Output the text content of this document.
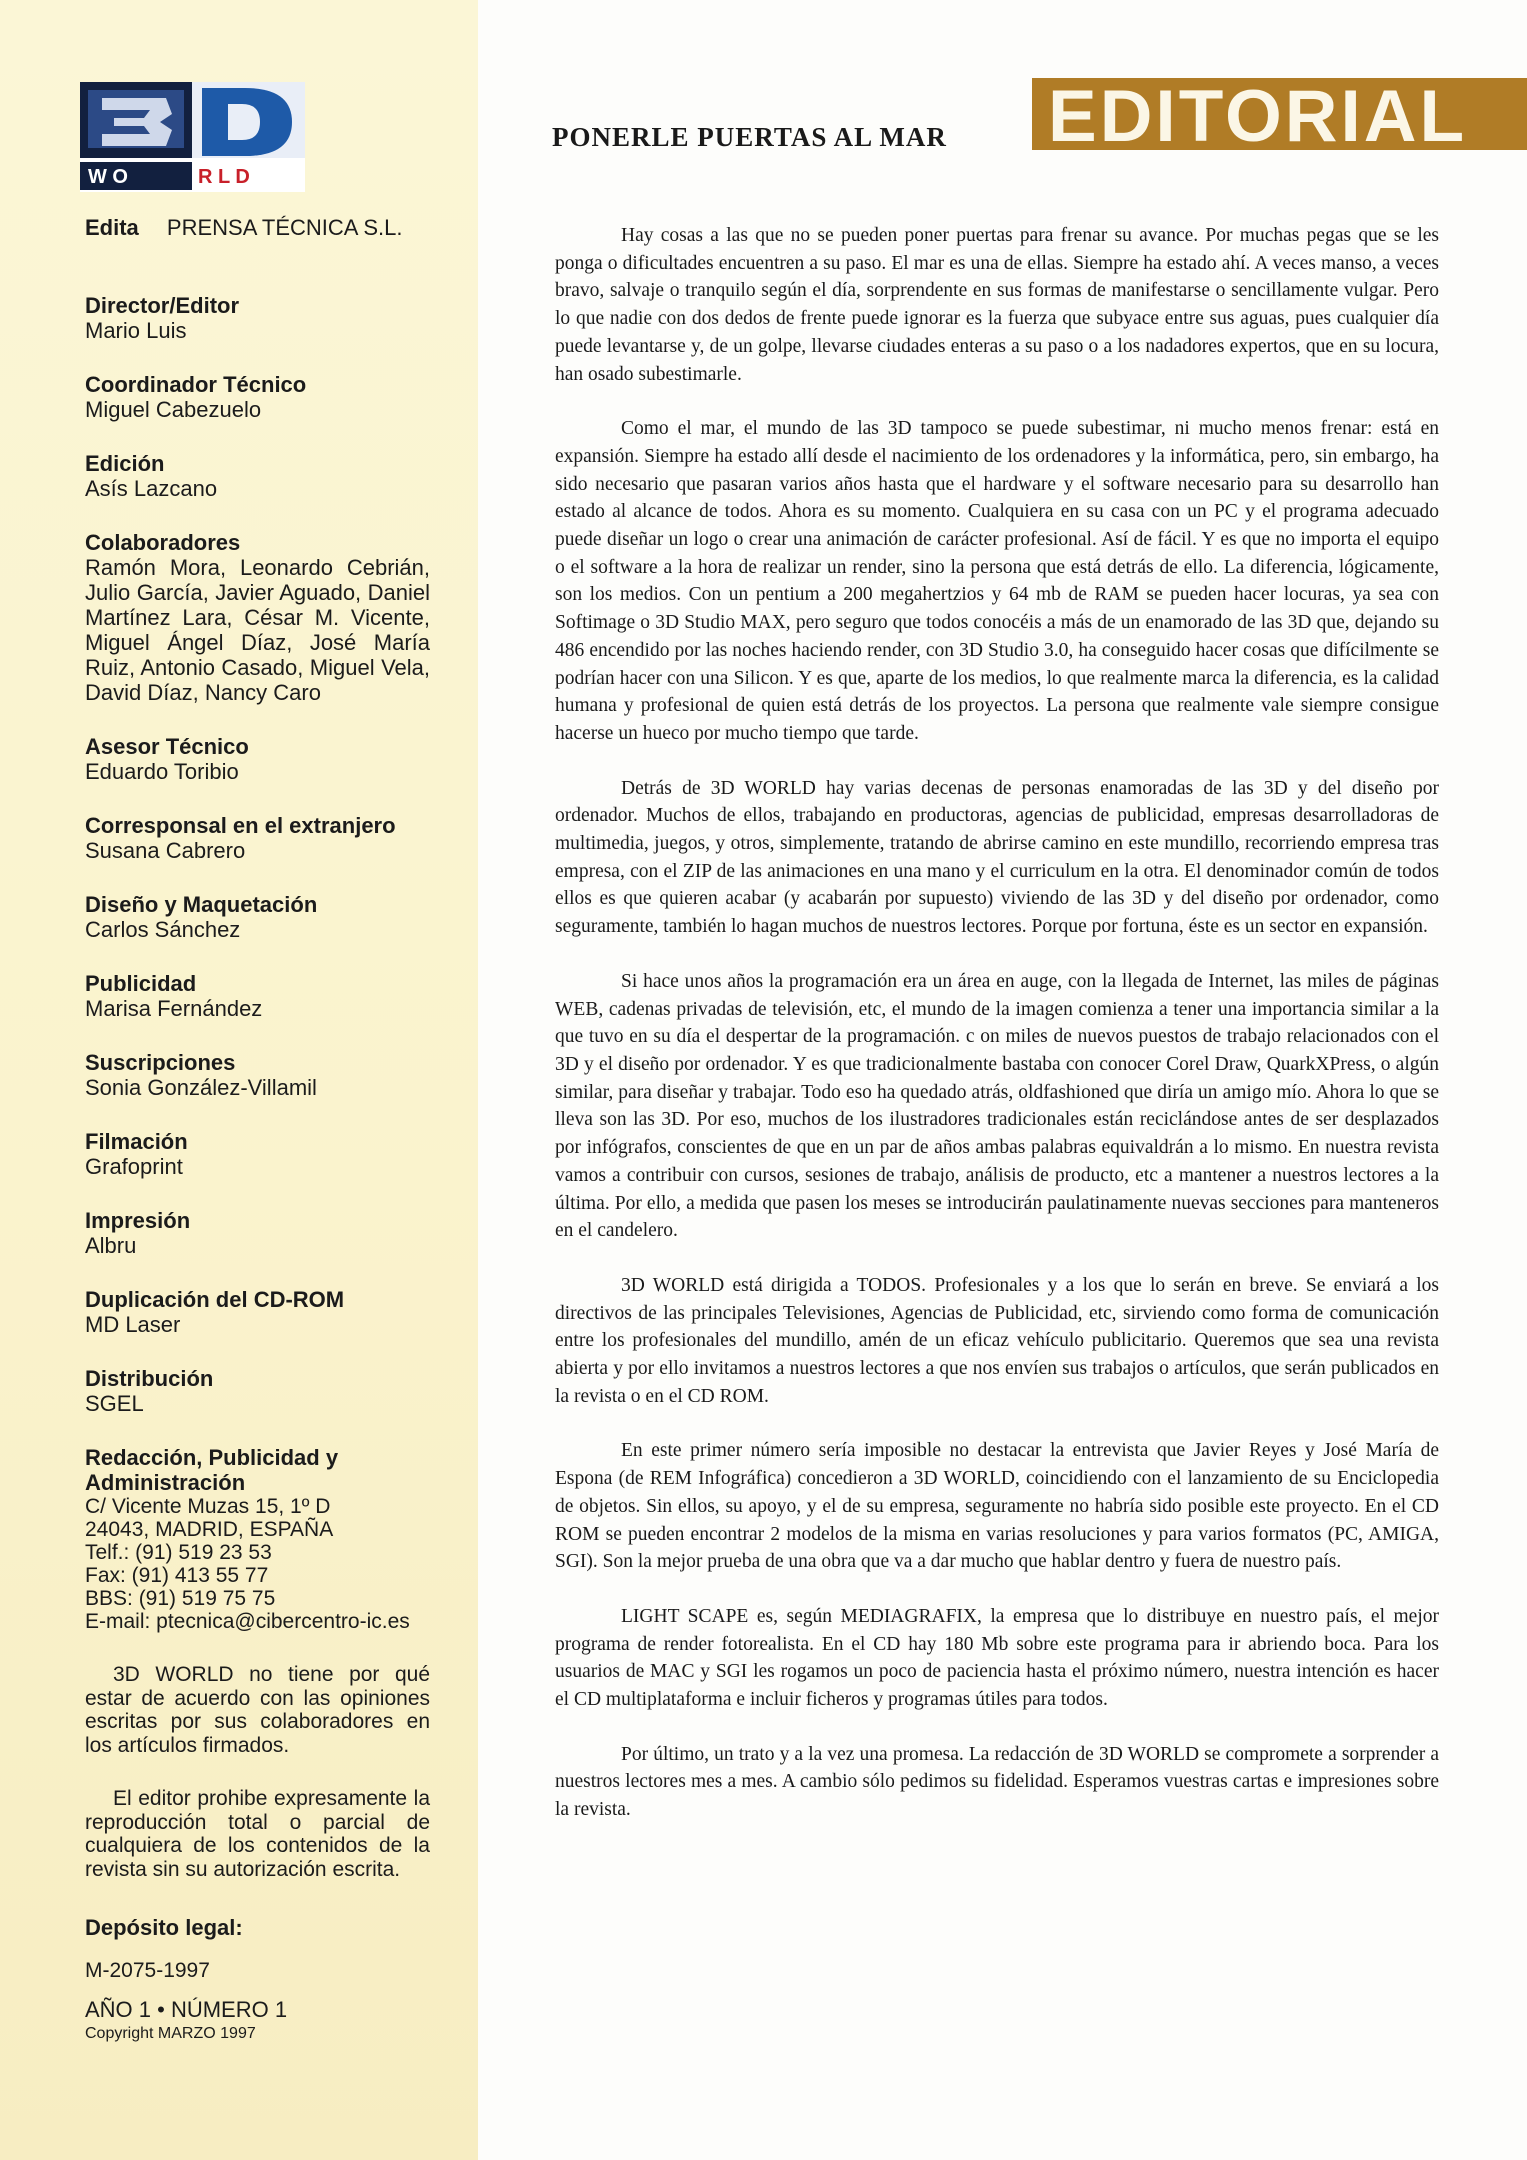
W O	R L D
Edita PRENSA TÉCNICA S.L.
Director/Editor
Mario Luis
Coordinador Técnico
Miguel Cabezuelo
Edición
Asís Lazcano
Colaboradores
Ramón Mora, Leonardo Cebrián, Julio García, Javier Aguado, Daniel Martínez Lara, César M. Vicente, Miguel Ángel Díaz, José María Ruiz, Antonio Casado, Miguel Vela, David Díaz, Nancy Caro
Asesor Técnico
Eduardo Toribio
Corresponsal en el extranjero
Susana Cabrero
Diseño y Maquetación
Carlos Sánchez
Publicidad
Marisa Fernández
Suscripciones
Sonia González-Villamil
Filmación
Grafoprint
Impresión
Albru
Duplicación del CD-ROM
MD Laser
Distribución
SGEL
Redacción, Publicidad y Administración
C/ Vicente Muzas 15, 1º D
24043, MADRID, ESPAÑA
Telf.: (91) 519 23 53
Fax: (91) 413 55 77
BBS: (91) 519 75 75
E-mail: ptecnica@cibercentro-ic.es
3D WORLD no tiene por qué estar de acuerdo con las opiniones escritas por sus colaboradores en los artículos firmados.
El editor prohibe expresamente la reproducción total o parcial de cualquiera de los contenidos de la revista sin su autorización escrita.
Depósito legal:
M-2075-1997
AÑO 1 • NÚMERO 1
Copyright MARZO 1997
PONERLE PUERTAS AL MAR EDITORIAL

Hay cosas a las que no se pueden poner puertas para frenar su avance. Por muchas pegas que se les ponga o dificultades encuentren a su paso. El mar es una de ellas. Siempre ha estado ahí. A veces manso, a veces bravo, salvaje o tranquilo según el día, sorprendente en sus formas de manifestarse o sencillamente vulgar. Pero lo que nadie con dos dedos de frente puede ignorar es la fuerza que subyace entre sus aguas, pues cualquier día puede levantarse y, de un golpe, llevarse ciudades enteras a su paso o a los nadadores expertos, que en su locura, han osado subestimarle.

Como el mar, el mundo de las 3D tampoco se puede subestimar, ni mucho menos frenar: está en expansión. Siempre ha estado allí desde el nacimiento de los ordenadores y la informática, pero, sin embargo, ha sido necesario que pasaran varios años hasta que el hardware y el software necesario para su desarrollo han estado al alcance de todos. Ahora es su momento. Cualquiera en su casa con un PC y el programa adecuado puede diseñar un logo o crear una animación de carácter profesional. Así de fácil. Y es que no importa el equipo o el software a la hora de realizar un render, sino la persona que está detrás de ello. La diferencia, lógicamente, son los medios. Con un pentium a 200 megahertzios y 64 mb de RAM se pueden hacer locuras, ya sea con Softimage o 3D Studio MAX, pero seguro que todos conocéis a más de un enamorado de las 3D que, dejando su 486 encendido por las noches haciendo render, con 3D Studio 3.0, ha conseguido hacer cosas que difícilmente se podrían hacer con una Silicon. Y es que, aparte de los medios, lo que realmente marca la diferencia, es la calidad humana y profesional de quien está detrás de los proyectos. La persona que realmente vale siempre consigue hacerse un hueco por mucho tiempo que tarde.

Detrás de 3D WORLD hay varias decenas de personas enamoradas de las 3D y del diseño por ordenador. Muchos de ellos, trabajando en productoras, agencias de publicidad, empresas desarrolladoras de multimedia, juegos, y otros, simplemente, tratando de abrirse camino en este mundillo, recorriendo empresa tras empresa, con el ZIP de las animaciones en una mano y el curriculum en la otra. El denominador común de todos ellos es que quieren acabar (y acabarán por supuesto) viviendo de las 3D y del diseño por ordenador, como seguramente, también lo hagan muchos de nuestros lectores. Porque por fortuna, éste es un sector en expansión.

Si hace unos años la programación era un área en auge, con la llegada de Internet, las miles de páginas WEB, cadenas privadas de televisión, etc, el mundo de la imagen comienza a tener una importancia similar a la que tuvo en su día el despertar de la programación. c on miles de nuevos puestos de trabajo relacionados con el 3D y el diseño por ordenador. Y es que tradicionalmente bastaba con conocer Corel Draw, QuarkXPress, o algún similar, para diseñar y trabajar. Todo eso ha quedado atrás, oldfashioned que diría un amigo mío. Ahora lo que se lleva son las 3D. Por eso, muchos de los ilustradores tradicionales están reciclándose antes de ser desplazados por infógrafos, conscientes de que en un par de años ambas palabras equivaldrán a lo mismo. En nuestra revista vamos a contribuir con cursos, sesiones de trabajo, análisis de producto, etc a mantener a nuestros lectores a la última. Por ello, a medida que pasen los meses se introducirán paulatinamente nuevas secciones para manteneros en el candelero.

3D WORLD está dirigida a TODOS. Profesionales y a los que lo serán en breve. Se enviará a los directivos de las principales Televisiones, Agencias de Publicidad, etc, sirviendo como forma de comunicación entre los profesionales del mundillo, amén de un eficaz vehículo publicitario. Queremos que sea una revista abierta y por ello invitamos a nuestros lectores a que nos envíen sus trabajos o artículos, que serán publicados en la revista o en el CD ROM.

En este primer número sería imposible no destacar la entrevista que Javier Reyes y José María de Espona (de REM Infográfica) concedieron a 3D WORLD, coincidiendo con el lanzamiento de su Enciclopedia de objetos. Sin ellos, su apoyo, y el de su empresa, seguramente no habría sido posible este proyecto. En el CD ROM se pueden encontrar 2 modelos de la misma en varias resoluciones y para varios formatos (PC, AMIGA, SGI). Son la mejor prueba de una obra que va a dar mucho que hablar dentro y fuera de nuestro país.

LIGHT SCAPE es, según MEDIAGRAFIX, la empresa que lo distribuye en nuestro país, el mejor programa de render fotorealista. En el CD hay 180 Mb sobre este programa para ir abriendo boca. Para los usuarios de MAC y SGI les rogamos un poco de paciencia hasta el próximo número, nuestra intención es hacer el CD multiplataforma e incluir ficheros y programas útiles para todos.

Por último, un trato y a la vez una promesa. La redacción de 3D WORLD se compromete a sorprender a nuestros lectores mes a mes. A cambio sólo pedimos su fidelidad. Esperamos vuestras cartas e impresiones sobre la revista.
